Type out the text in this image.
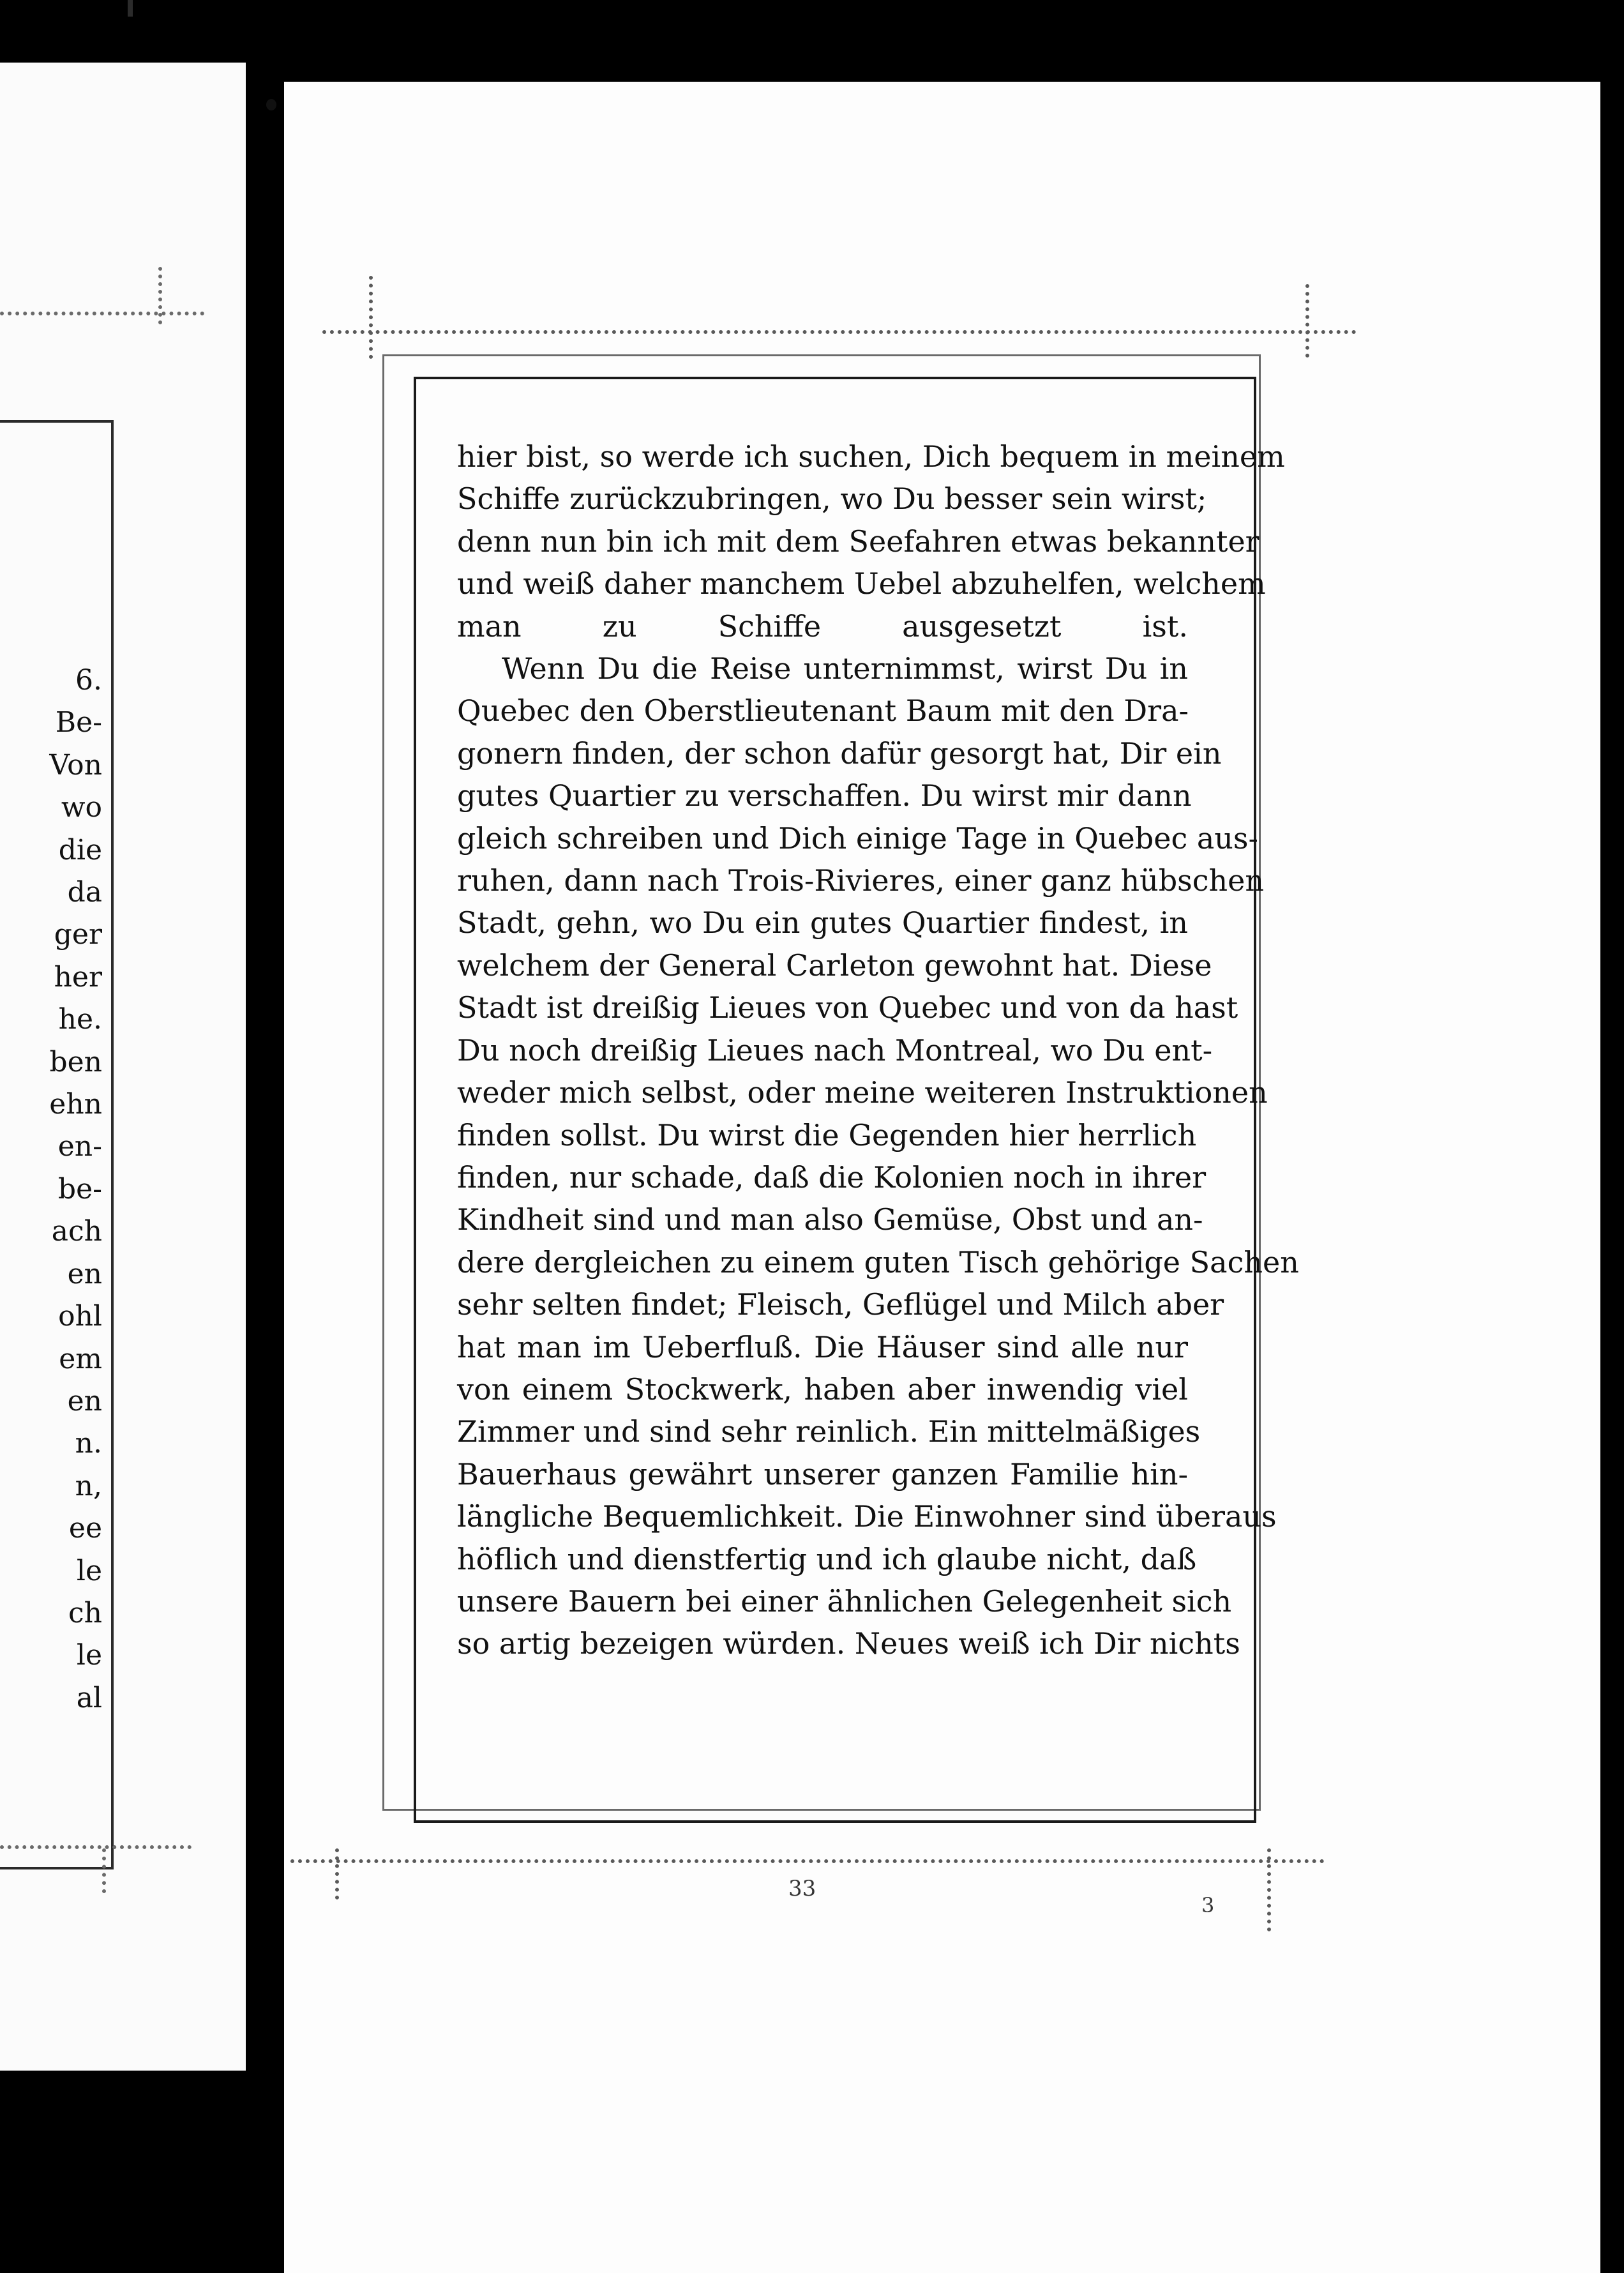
6.
Be-
Von
wo
die
da
ger
her
he.
ben
ehn
en-
be-
ach
en
ohl
em
en
n.
n,
ee
le
ch
le
al
hier bist, so werde ich suchen, Dich bequem in meinem
Schiffe zurückzubringen, wo Du besser sein wirst;
denn nun bin ich mit dem Seefahren etwas bekannter
und weiß daher manchem Uebel abzuhelfen, welchem
man zu Schiffe ausgesetzt ist.
Wenn Du die Reise unternimmst, wirst Du in
Quebec den Oberstlieutenant Baum mit den Dra-
gonern finden, der schon dafür gesorgt hat, Dir ein
gutes Quartier zu verschaffen. Du wirst mir dann
gleich schreiben und Dich einige Tage in Quebec aus-
ruhen, dann nach Trois-Rivieres, einer ganz hübschen
Stadt, gehn, wo Du ein gutes Quartier findest, in
welchem der General Carleton gewohnt hat. Diese
Stadt ist dreißig Lieues von Quebec und von da hast
Du noch dreißig Lieues nach Montreal, wo Du ent-
weder mich selbst, oder meine weiteren Instruktionen
finden sollst. Du wirst die Gegenden hier herrlich
finden, nur schade, daß die Kolonien noch in ihrer
Kindheit sind und man also Gemüse, Obst und an-
dere dergleichen zu einem guten Tisch gehörige Sachen
sehr selten findet; Fleisch, Geflügel und Milch aber
hat man im Ueberfluß. Die Häuser sind alle nur
von einem Stockwerk, haben aber inwendig viel
Zimmer und sind sehr reinlich. Ein mittelmäßiges
Bauerhaus gewährt unserer ganzen Familie hin-
längliche Bequemlichkeit. Die Einwohner sind überaus
höflich und dienstfertig und ich glaube nicht, daß
unsere Bauern bei einer ähnlichen Gelegenheit sich
so artig bezeigen würden. Neues weiß ich Dir nichts
33
3
